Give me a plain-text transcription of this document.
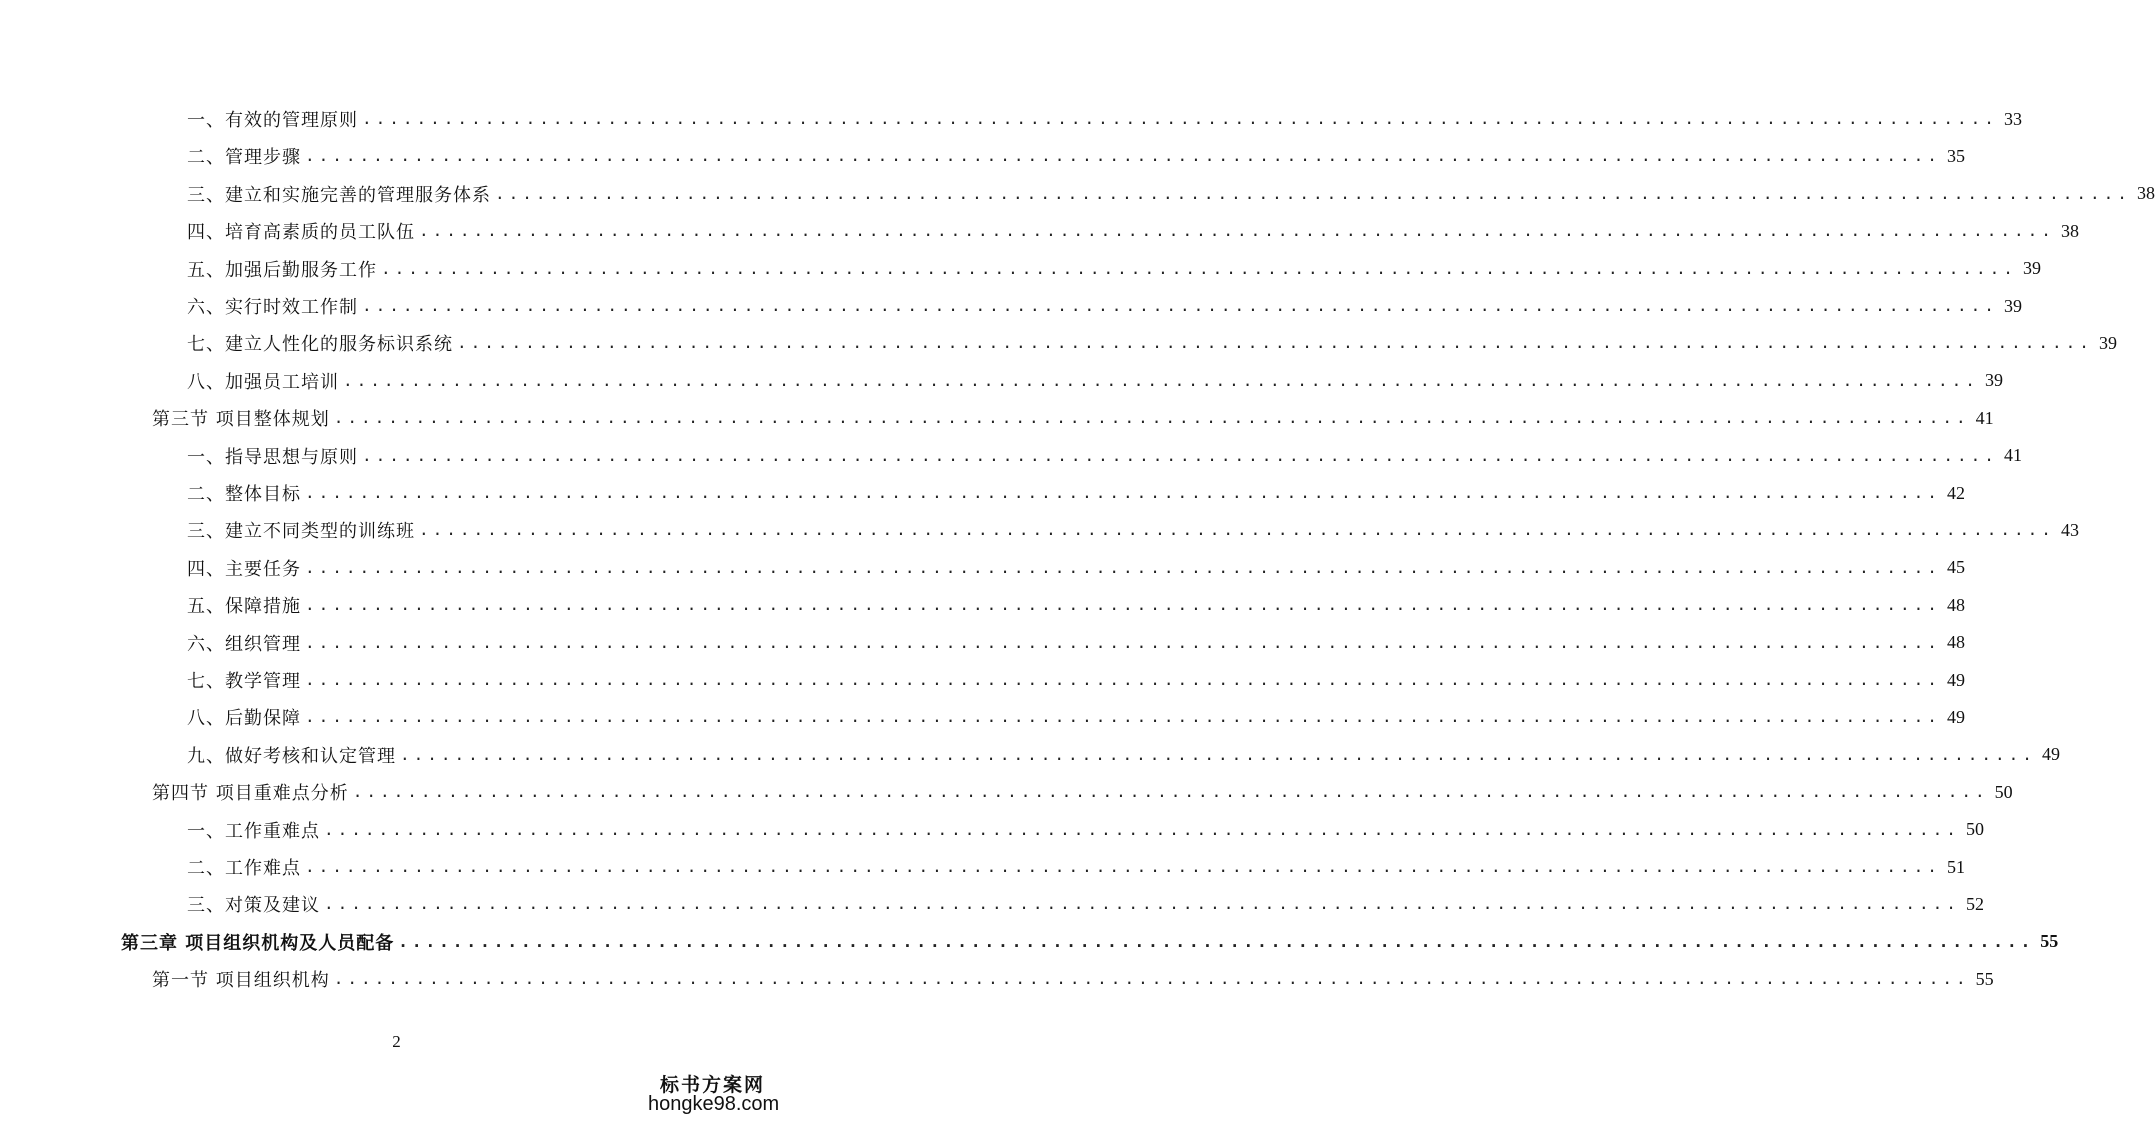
一、有效的管理原则 ........................................................................................................................ 33
二、管理步骤 ........................................................................................................................ 35
三、建立和实施完善的管理服务体系 ........................................................................................................................ 38
四、培育高素质的员工队伍 ........................................................................................................................ 38
五、加强后勤服务工作 ........................................................................................................................ 39
六、实行时效工作制 ........................................................................................................................ 39
七、建立人性化的服务标识系统 ........................................................................................................................ 39
八、加强员工培训 ........................................................................................................................ 39
第三节 项目整体规划 ........................................................................................................................ 41
一、指导思想与原则 ........................................................................................................................ 41
二、整体目标 ........................................................................................................................ 42
三、建立不同类型的训练班 ........................................................................................................................ 43
四、主要任务 ........................................................................................................................ 45
五、保障措施 ........................................................................................................................ 48
六、组织管理 ........................................................................................................................ 48
七、教学管理 ........................................................................................................................ 49
八、后勤保障 ........................................................................................................................ 49
九、做好考核和认定管理 ........................................................................................................................ 49
第四节 项目重难点分析 ........................................................................................................................ 50
一、工作重难点 ........................................................................................................................ 50
二、工作难点 ........................................................................................................................ 51
三、对策及建议 ........................................................................................................................ 52
第三章 项目组织机构及人员配备 ........................................................................................................................ 55
第一节 项目组织机构 ........................................................................................................................ 55
2
标书方案网
hongke98.com
